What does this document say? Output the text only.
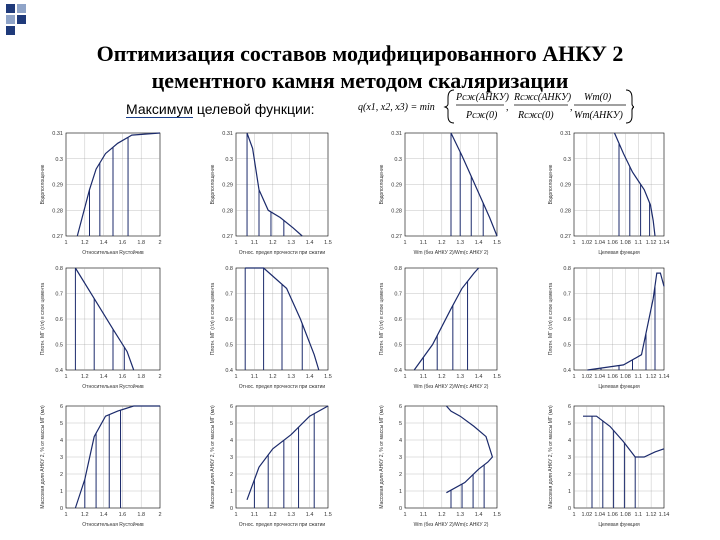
Оптимизация составов модифицированного АНКУ 2
цементного камня методом скаляризации
Максимум целевой функции:	q(x1, x2, x3) = min
Pсж(АНКУ)
Pсж(0)
,
Rсжс(АНКУ)
Rсжс(0)
,
Wm(0)
Wm(АНКУ)
0.31
0.3
0.29
0.28
0.27
1 1.2 1.4 1.6 1.8 2
Относительная Rустойчив
Водопоглощение
0.31
0.3
0.29
0.28
0.27
1 1.1 1.2 1.3 1.4 1.5
Относ. предел прочности при сжатии
Водопоглощение
0.31
0.3
0.29
0.28
0.27
1 1.1 1.2 1.3 1.4 1.5
Wm (без АНКУ 2)/Wm(с АНКУ 2)
Водопоглощение
0.31
0.3
0.29
0.28
0.27
1 1.02 1.04 1.06 1.08 1.1 1.12 1.14
Целевая функция
Водопоглощение
0.8
0.7
0.6
0.5
0.4
1 1.2 1.4 1.6 1.8 2
Относительная Rустойчив
Плотн. МГ (г/л) в слое цемента
0.8
0.7
0.6
0.5
0.4
1 1.1 1.2 1.3 1.4 1.5
Относ. предел прочности при сжатии
Плотн. МГ (г/л) в слое цемента
0.8
0.7
0.6
0.5
0.4
1 1.1 1.2 1.3 1.4 1.5
Wm (без АНКУ 2)/Wm(с АНКУ 2)
Плотн. МГ (г/л) в слое цемента
0.8
0.7
0.6
0.5
0.4
1 1.02 1.04 1.06 1.08 1.1 1.12 1.14
Целевая функция
Плотн. МГ (г/л) в слое цемента
6
5
4
3
2
1
0
1 1.2 1.4 1.6 1.8 2
Относительная Rустойчив
Массовая доля АНКУ 2, % от массы МГ (мл)	6
5
4
3
2
1
0
1 1.1 1.2 1.3 1.4 1.5
Относ. предел прочности при сжатии
Массовая доля АНКУ 2, % от массы МГ (мл)	6
5
4
3
2
1
0
1 1.1 1.2 1.3 1.4 1.5
Wm (без АНКУ 2)/Wm(с АНКУ 2)
Массовая доля АНКУ 2, % от массы МГ (мл)	6
5
4
3
2
1
0
1 1.02 1.04 1.06 1.08 1.1 1.12 1.14
Целевая функция
Массовая доля АНКУ 2, % от массы МГ (мл)
